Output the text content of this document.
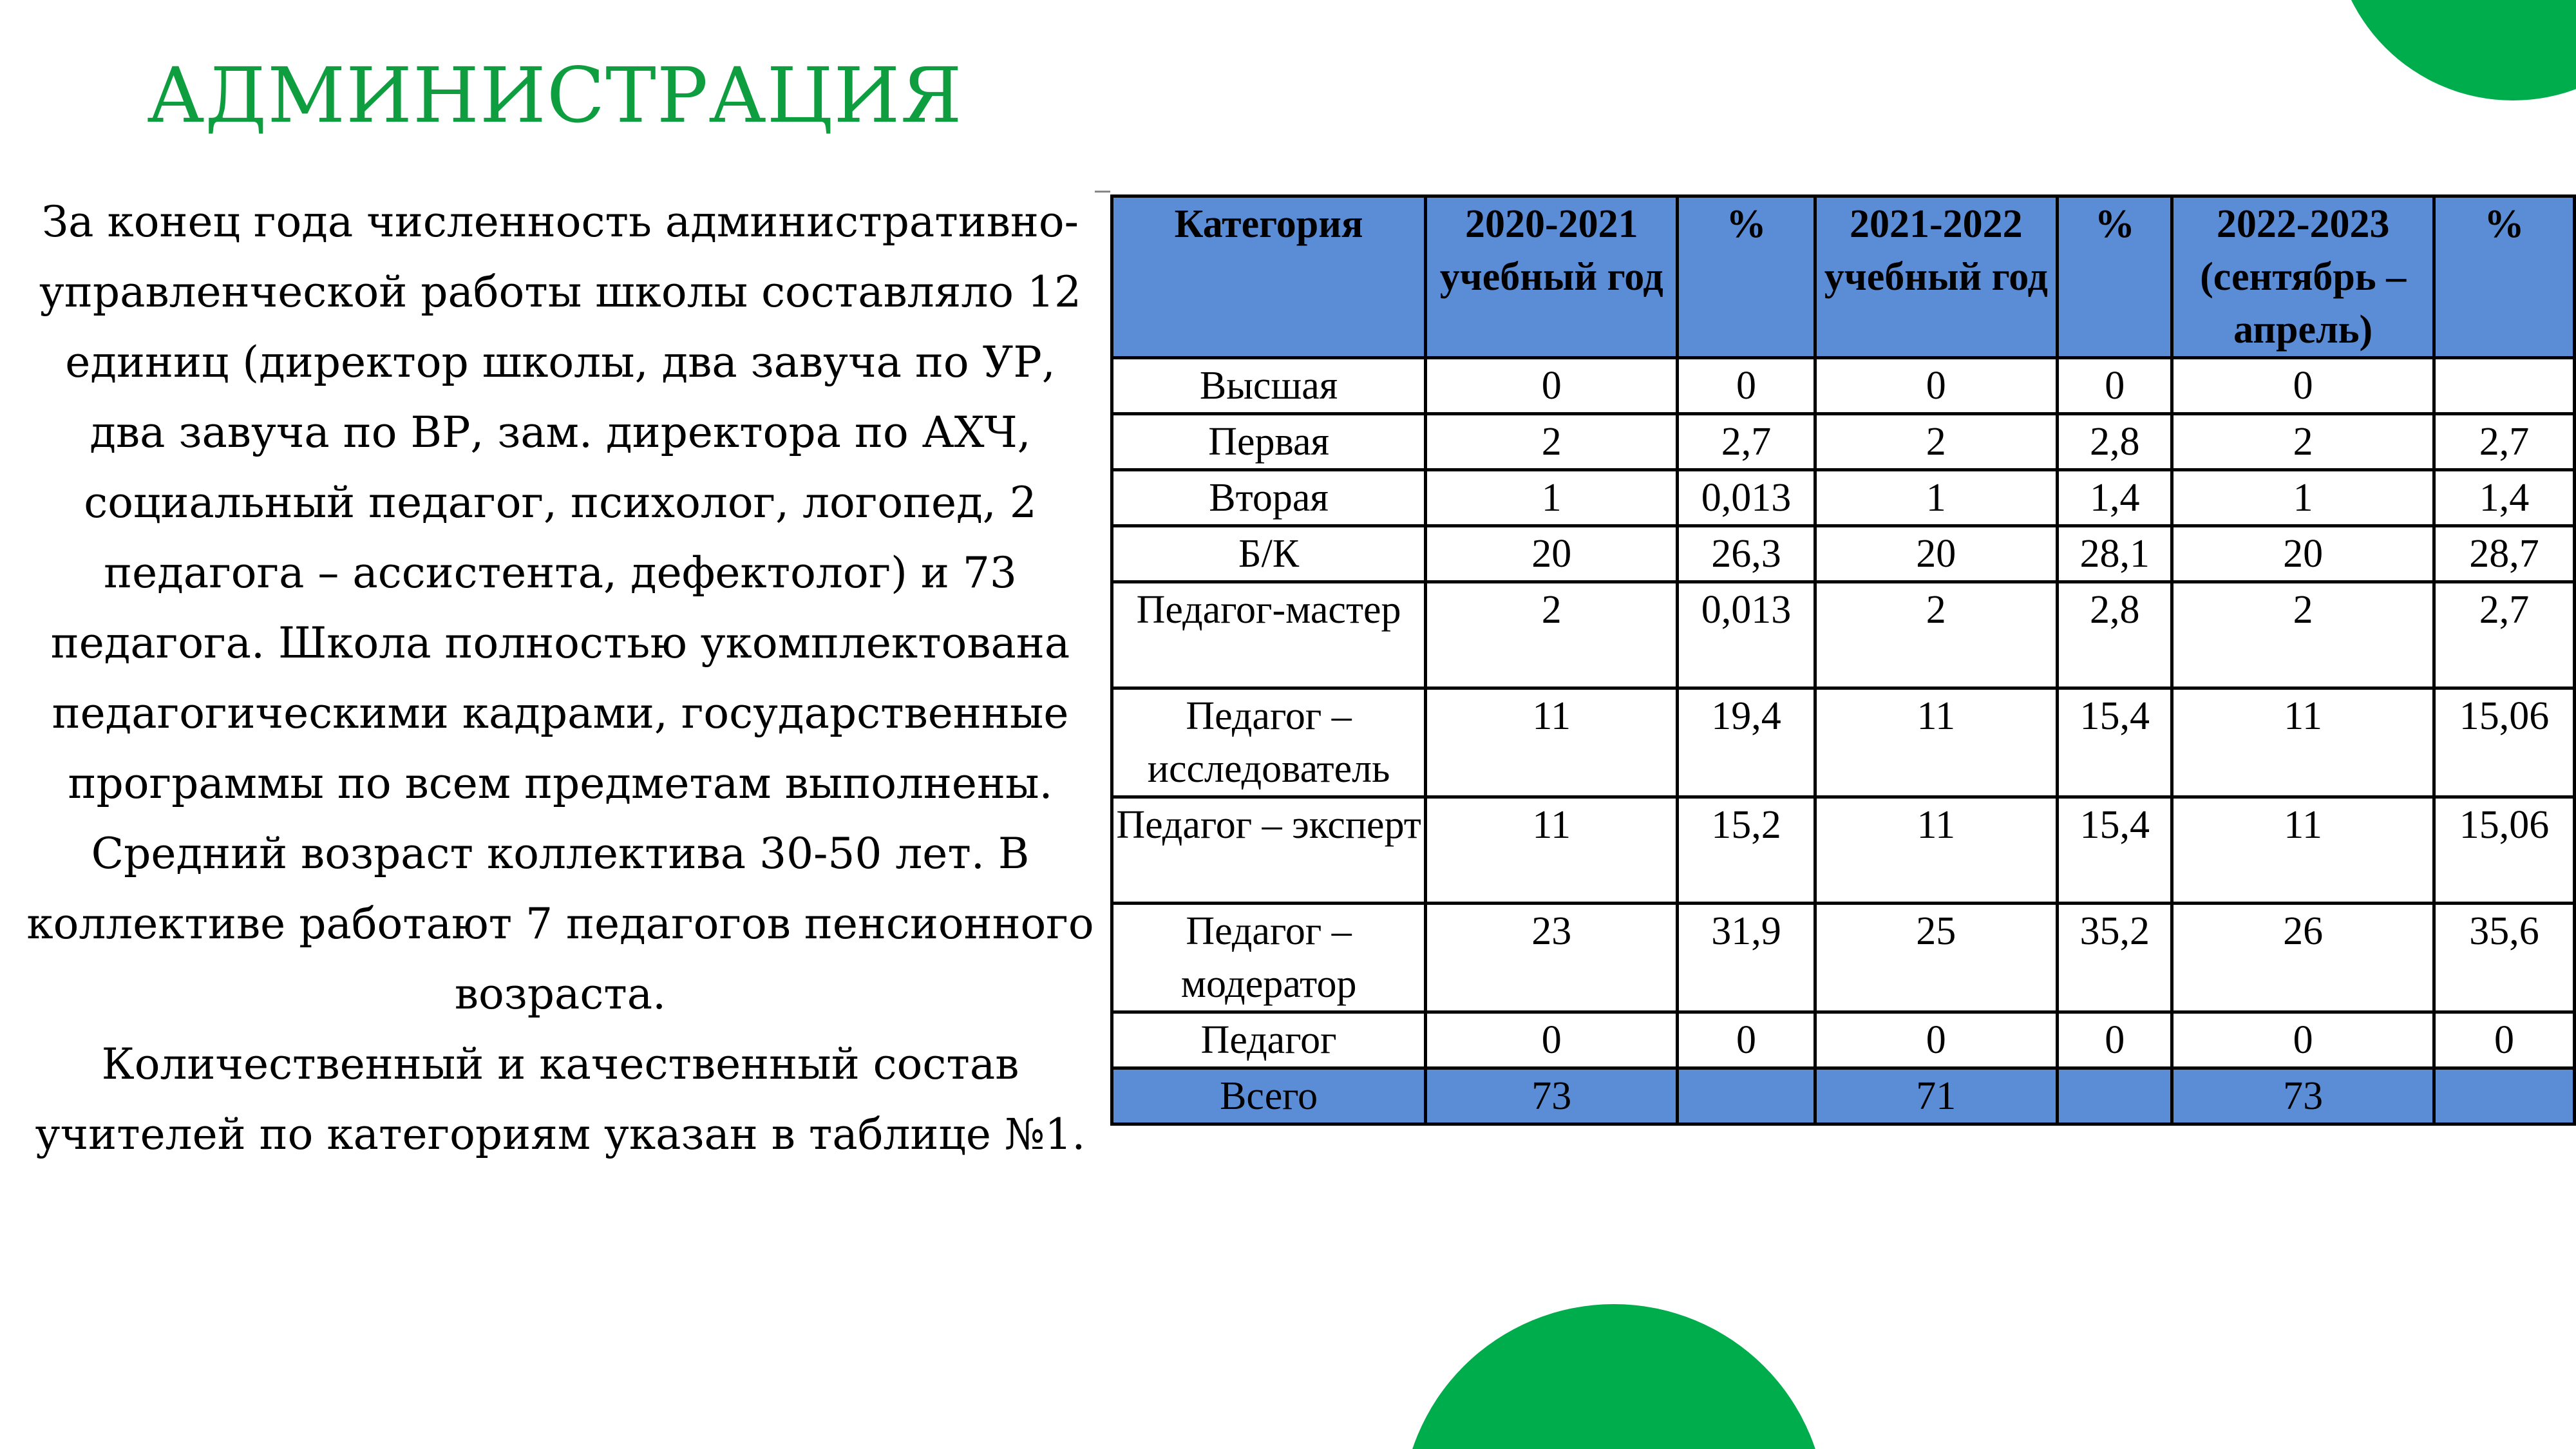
АДМИНИСТРАЦИЯ

За конец года численность административно-управленческой работы школы составляло 12 единиц (директор школы, два завуча по УР, два завуча по ВР, зам. директора по АХЧ, социальный педагог, психолог, логопед, 2 педагога – ассистента, дефектолог) и 73 педагога. Школа полностью укомплектована педагогическими кадрами, государственные программы по всем предметам выполнены. Средний возраст коллектива 30-50 лет. В коллективе работают 7 педагогов пенсионного возраста.

Количественный и качественный состав учителей по категориям указан в таблице №1.

Категория	2020-2021 учебный год	%	2021-2022 учебный год	%	2022-2023 (сентябрь – апрель)	%
Высшая	0	0	0	0	0	
Первая	2	2,7	2	2,8	2	2,7
Вторая	1	0,013	1	1,4	1	1,4
Б/К	20	26,3	20	28,1	20	28,7
Педагог-мастер	2	0,013	2	2,8	2	2,7
Педагог – исследователь	11	19,4	11	15,4	11	15,06
Педагог – эксперт	11	15,2	11	15,4	11	15,06
Педагог – модератор	23	31,9	25	35,2	26	35,6
Педагог	0	0	0	0	0	0
Всего	73		71		73	
